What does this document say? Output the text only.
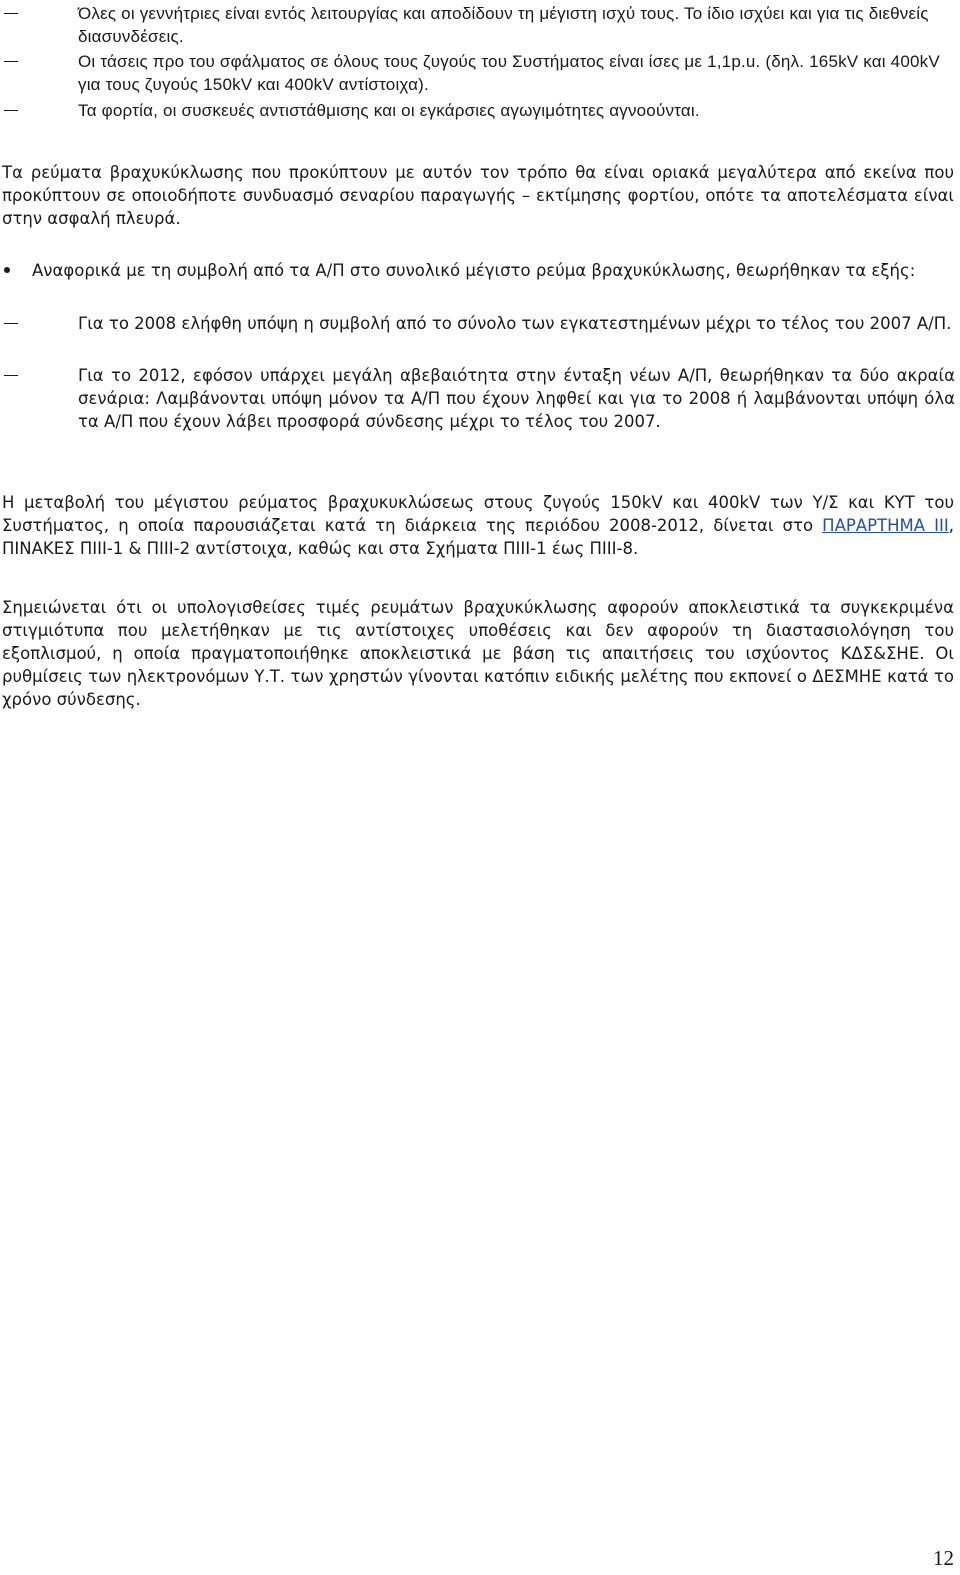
Όλες οι γεννήτριες είναι εντός λειτουργίας και αποδίδουν τη μέγιστη ισχύ τους. Το ίδιο ισχύει και για τις διεθνείς διασυνδέσεις.
Οι τάσεις προ του σφάλματος σε όλους τους ζυγούς του Συστήματος είναι ίσες με 1,1p.u. (δηλ. 165kV και 400kV για τους ζυγούς 150kV και 400kV αντίστοιχα).
Τα φορτία, οι συσκευές αντιστάθμισης και οι εγκάρσιες αγωγιμότητες αγνοούνται.
Τα ρεύματα βραχυκύκλωσης που προκύπτουν με αυτόν τον τρόπο θα είναι οριακά μεγαλύτερα από εκείνα που προκύπτουν σε οποιοδήποτε συνδυασμό σεναρίου παραγωγής – εκτίμησης φορτίου, οπότε τα αποτελέσματα είναι στην ασφαλή πλευρά.
Αναφορικά με τη συμβολή από τα Α/Π στο συνολικό μέγιστο ρεύμα βραχυκύκλωσης, θεωρήθηκαν τα εξής:
Για το 2008 ελήφθη υπόψη η συμβολή από το σύνολο των εγκατεστημένων μέχρι το τέλος του 2007 Α/Π.
Για το 2012, εφόσον υπάρχει μεγάλη αβεβαιότητα στην ένταξη νέων Α/Π, θεωρήθηκαν τα δύο ακραία σενάρια: Λαμβάνονται υπόψη μόνον τα Α/Π που έχουν ληφθεί και για το 2008 ή λαμβάνονται υπόψη όλα τα Α/Π που έχουν λάβει προσφορά σύνδεσης μέχρι το τέλος του 2007.
Η μεταβολή του μέγιστου ρεύματος βραχυκυκλώσεως στους ζυγούς 150kV και 400kV των Υ/Σ και ΚΥΤ του Συστήματος, η οποία παρουσιάζεται κατά τη διάρκεια της περιόδου 2008-2012, δίνεται στο ΠΑΡΑΡΤΗΜΑ ΙΙΙ, ΠΙΝΑΚΕΣ ΠΙΙΙ-1 & ΠΙΙΙ-2 αντίστοιχα, καθώς και στα Σχήματα ΠΙΙΙ-1 έως ΠΙΙΙ-8.
Σημειώνεται ότι οι υπολογισθείσες τιμές ρευμάτων βραχυκύκλωσης αφορούν αποκλειστικά τα συγκεκριμένα στιγμιότυπα που μελετήθηκαν με τις αντίστοιχες υποθέσεις και δεν αφορούν τη διαστασιολόγηση του εξοπλισμού, η οποία πραγματοποιήθηκε αποκλειστικά με βάση τις απαιτήσεις του ισχύοντος ΚΔΣ&ΣΗΕ. Οι ρυθμίσεις των ηλεκτρονόμων Υ.Τ. των χρηστών γίνονται κατόπιν ειδικής μελέτης που εκπονεί ο ΔΕΣΜΗΕ κατά το χρόνο σύνδεσης.
12
